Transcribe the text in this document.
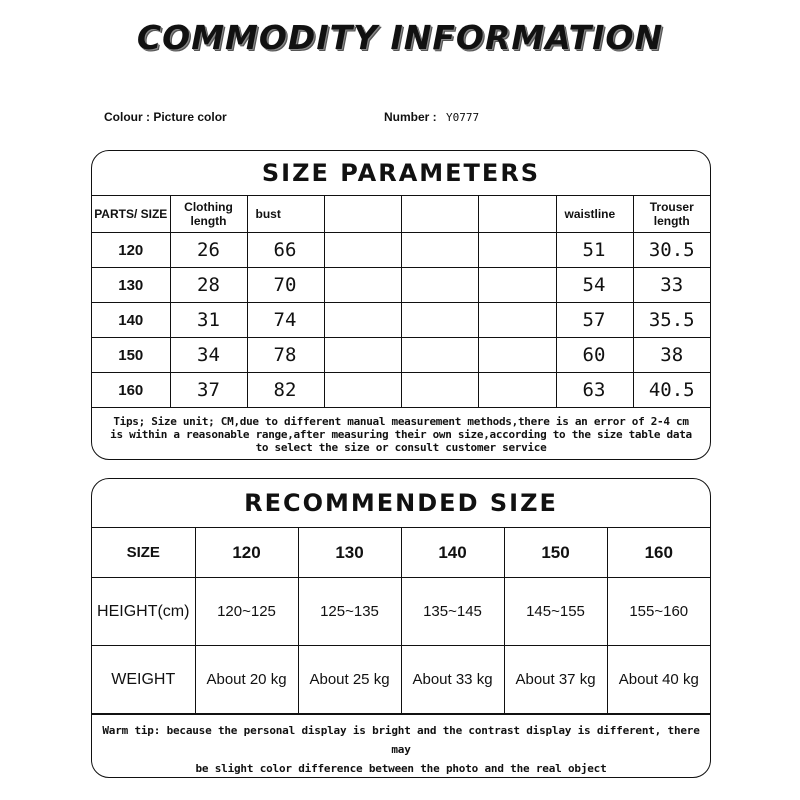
COMMODITY INFORMATION
Colour : Picture color	Number : Y0777
SIZE PARAMETERS
PARTS/ SIZE	Clothing length	bust				waistline	Trouser length
120	26	66				51	30.5
130	28	70				54	33
140	31	74				57	35.5
150	34	78				60	38
160	37	82				63	40.5
Tips; Size unit; CM,due to different manual measurement methods,there is an error of 2-4 cm
is within a reasonable range,after measuring their own size,according to the size table data
to select the size or consult customer service
RECOMMENDED SIZE
SIZE	120	130	140	150	160
HEIGHT(cm)	120~125	125~135	135~145	145~155	155~160
WEIGHT	About 20 kg	About 25 kg	About 33 kg	About 37 kg	About 40 kg
Warm tip: because the personal display is bright and the contrast display is different, there may
be slight color difference between the photo and the real object
